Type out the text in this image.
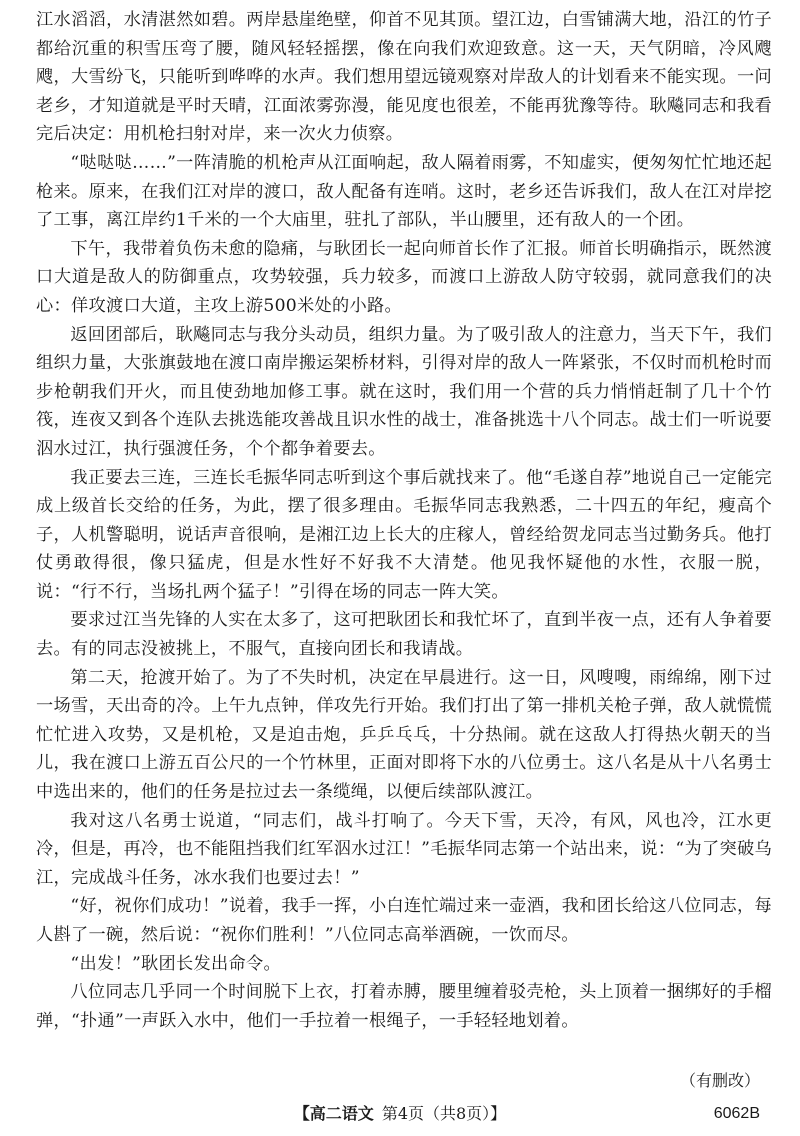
江水滔滔，水清湛然如碧。两岸悬崖绝壁，仰首不见其顶。望江边，白雪铺满大地，沿江的竹子都给沉重的积雪压弯了腰，随风轻轻摇摆，像在向我们欢迎致意。这一天，天气阴暗，冷风飕飕，大雪纷飞，只能听到哗哗的水声。我们想用望远镜观察对岸敌人的计划看来不能实现。一问老乡，才知道就是平时天晴，江面浓雾弥漫，能见度也很差，不能再犹豫等待。耿飚同志和我看完后决定：用机枪扫射对岸，来一次火力侦察。

“哒哒哒……”一阵清脆的机枪声从江面响起，敌人隔着雨雾，不知虚实，便匆匆忙忙地还起枪来。原来，在我们江对岸的渡口，敌人配备有连哨。这时，老乡还告诉我们，敌人在江对岸挖了工事，离江岸约1千米的一个大庙里，驻扎了部队，半山腰里，还有敌人的一个团。

下午，我带着负伤未愈的隐痛，与耿团长一起向师首长作了汇报。师首长明确指示，既然渡口大道是敌人的防御重点，攻势较强，兵力较多，而渡口上游敌人防守较弱，就同意我们的决心：佯攻渡口大道，主攻上游500米处的小路。

返回团部后，耿飚同志与我分头动员，组织力量。为了吸引敌人的注意力，当天下午，我们组织力量，大张旗鼓地在渡口南岸搬运架桥材料，引得对岸的敌人一阵紧张，不仅时而机枪时而步枪朝我们开火，而且使劲地加修工事。就在这时，我们用一个营的兵力悄悄赶制了几十个竹筏，连夜又到各个连队去挑选能攻善战且识水性的战士，准备挑选十八个同志。战士们一听说要泅水过江，执行强渡任务，个个都争着要去。

我正要去三连，三连长毛振华同志听到这个事后就找来了。他“毛遂自荐”地说自己一定能完成上级首长交给的任务，为此，摆了很多理由。毛振华同志我熟悉，二十四五的年纪，瘦高个子，人机警聪明，说话声音很响，是湘江边上长大的庄稼人，曾经给贺龙同志当过勤务兵。他打仗勇敢得很，像只猛虎，但是水性好不好我不大清楚。他见我怀疑他的水性，衣服一脱，说：“行不行，当场扎两个猛子！”引得在场的同志一阵大笑。

要求过江当先锋的人实在太多了，这可把耿团长和我忙坏了，直到半夜一点，还有人争着要去。有的同志没被挑上，不服气，直接向团长和我请战。

第二天，抢渡开始了。为了不失时机，决定在早晨进行。这一日，风嗖嗖，雨绵绵，刚下过一场雪，天出奇的冷。上午九点钟，佯攻先行开始。我们打出了第一排机关枪子弹，敌人就慌慌忙忙进入攻势，又是机枪，又是迫击炮，乒乒乓乓，十分热闹。就在这敌人打得热火朝天的当儿，我在渡口上游五百公尺的一个竹林里，正面对即将下水的八位勇士。这八名是从十八名勇士中选出来的，他们的任务是拉过去一条缆绳，以便后续部队渡江。

我对这八名勇士说道，“同志们，战斗打响了。今天下雪，天冷，有风，风也冷，江水更冷，但是，再冷，也不能阻挡我们红军泅水过江！”毛振华同志第一个站出来，说：“为了突破乌江，完成战斗任务，冰水我们也要过去！”

“好，祝你们成功！”说着，我手一挥，小白连忙端过来一壶酒，我和团长给这八位同志，每人斟了一碗，然后说：“祝你们胜利！”八位同志高举酒碗，一饮而尽。

“出发！”耿团长发出命令。

八位同志几乎同一个时间脱下上衣，打着赤膊，腰里缠着驳壳枪，头上顶着一捆绑好的手榴弹，“扑通”一声跃入水中，他们一手拉着一根绳子，一手轻轻地划着。

（有删改）
【高二语文 第4页（共8页）】	6062B
